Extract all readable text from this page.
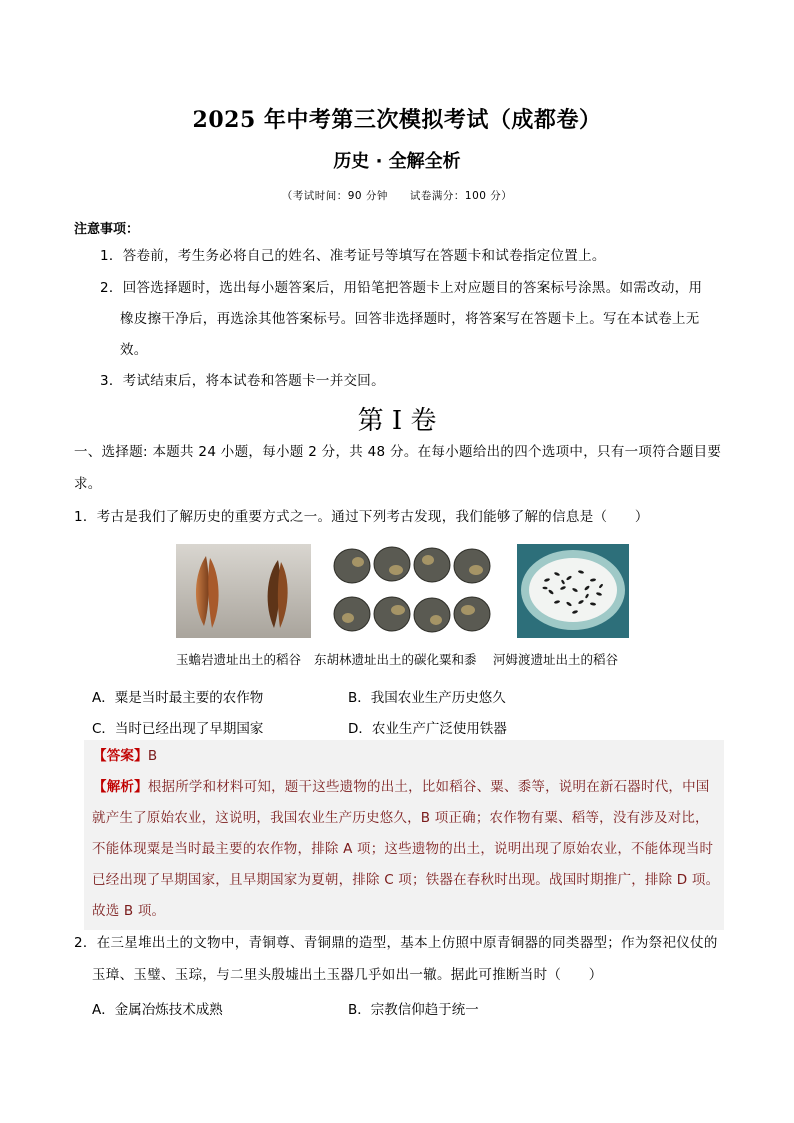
2025 年中考第三次模拟考试（成都卷）
历史 · 全解全析
（考试时间：90 分钟　　试卷满分：100 分）
注意事项：
1．答卷前，考生务必将自己的姓名、准考证号等填写在答题卡和试卷指定位置上。
2．回答选择题时，选出每小题答案后，用铅笔把答题卡上对应题目的答案标号涂黑。如需改动，用
橡皮擦干净后，再选涂其他答案标号。回答非选择题时，将答案写在答题卡上。写在本试卷上无
效。
3．考试结束后，将本试卷和答题卡一并交回。
第 I 卷
一、选择题: 本题共 24 小题，每小题 2 分，共 48 分。在每小题给出的四个选项中，只有一项符合题目要
求。
1．考古是我们了解历史的重要方式之一。通过下列考古发现，我们能够了解的信息是（　　）
玉蟾岩遗址出土的稻谷 东胡林遗址出土的碳化粟和黍 河姆渡遗址出土的稻谷
A．粟是当时最主要的农作物	B．我国农业生产历史悠久
C．当时已经出现了早期国家	D．农业生产广泛使用铁器
【答案】B
【解析】根据所学和材料可知，题干这些遗物的出土，比如稻谷、粟、黍等，说明在新石器时代，中国
就产生了原始农业，这说明，我国农业生产历史悠久，B 项正确；农作物有粟、稻等，没有涉及对比，
不能体现粟是当时最主要的农作物，排除 A 项；这些遗物的出土，说明出现了原始农业，不能体现当时
已经出现了早期国家，且早期国家为夏朝，排除 C 项；铁器在春秋时出现。战国时期推广，排除 D 项。
故选 B 项。
2．在三星堆出土的文物中，青铜尊、青铜鼎的造型，基本上仿照中原青铜器的同类器型；作为祭祀仪仗的
玉璋、玉璧、玉琮，与二里头殷墟出土玉器几乎如出一辙。据此可推断当时（　　）
A．金属冶炼技术成熟	B．宗教信仰趋于统一
